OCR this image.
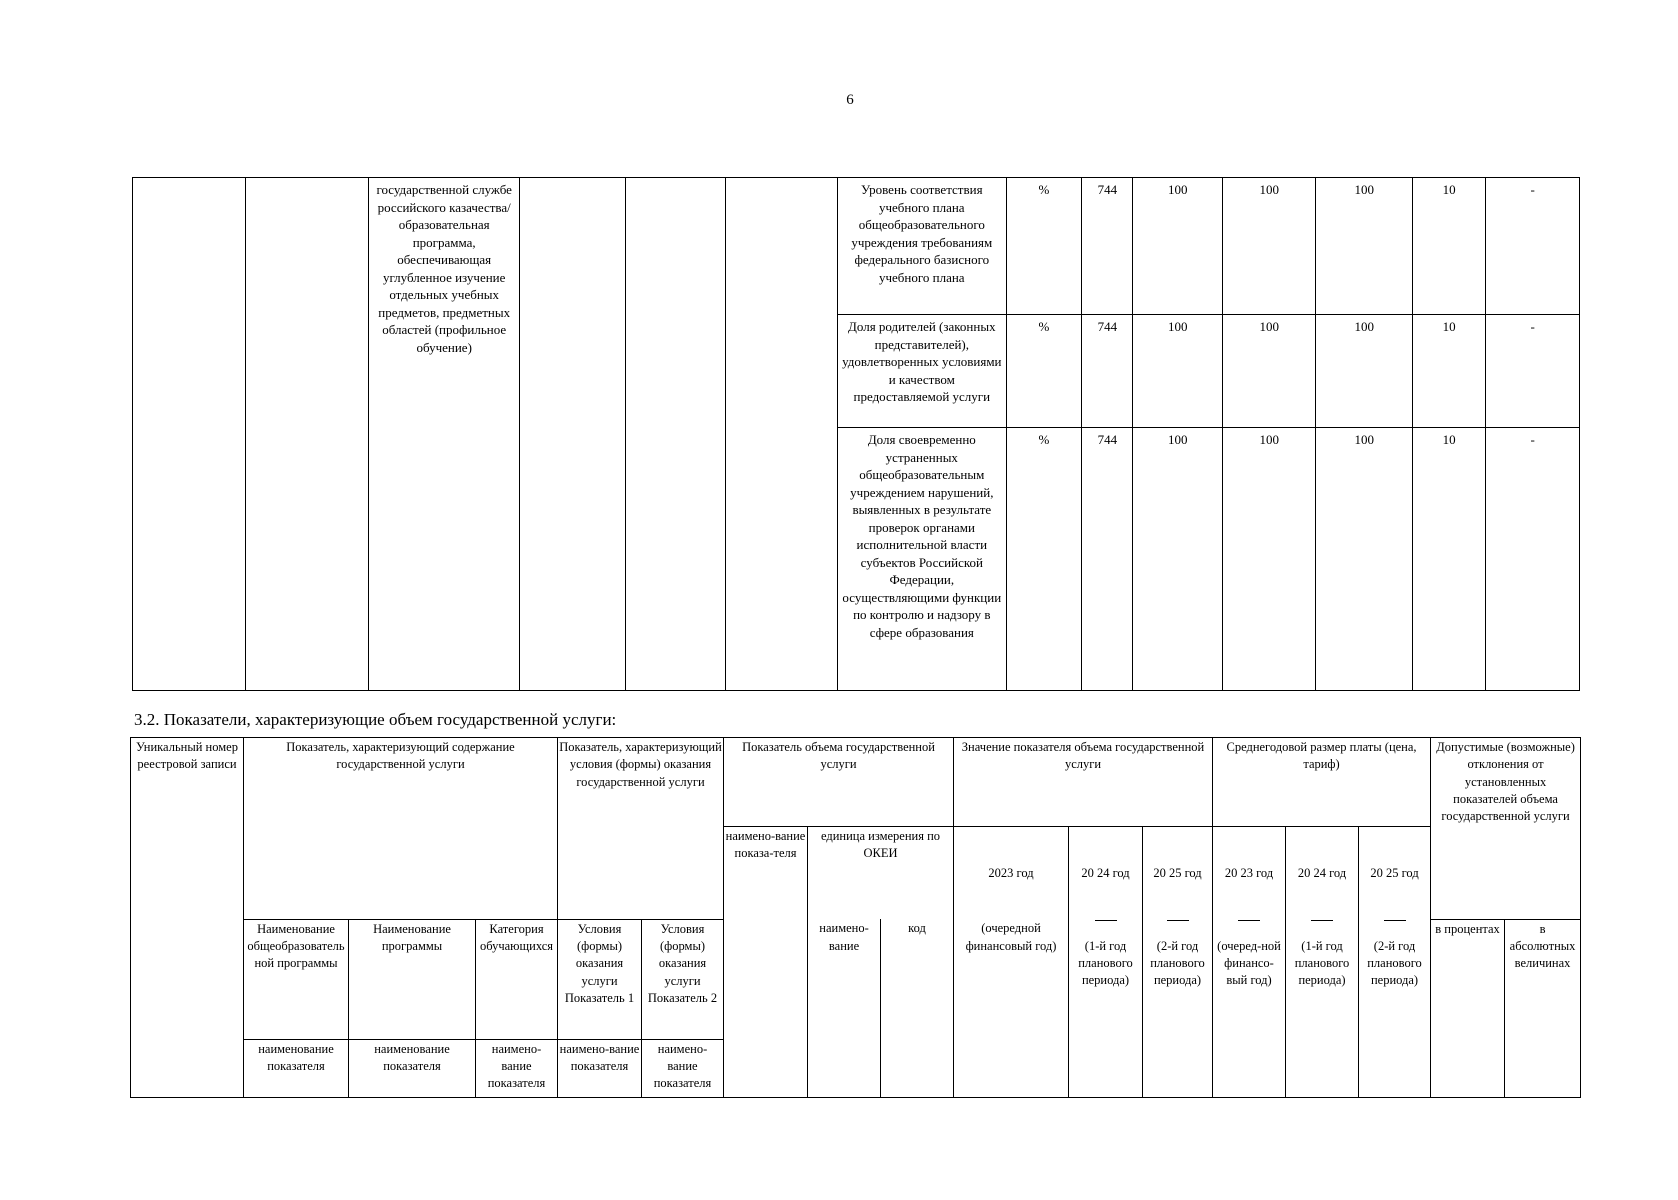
6
		государственной службе российского казачества/образовательная программа, обеспечивающая углубленное изучение отдельных учебных предметов, предметных областей (профильное обучение)				Уровень соответствия учебного плана общеобразовательного учреждения требованиям федерального базисного учебного плана	%	744	100	100	100	10	-
						Доля родителей (законных представителей), удовлетворенных условиями и качеством предоставляемой услуги	%	744	100	100	100	10	-
						Доля своевременно устраненных общеобразовательным учреждением нарушений, выявленных в результате проверок органами исполнительной власти субъектов Российской Федерации, осуществляющими функции по контролю и надзору в сфере образования	%	744	100	100	100	10	-

3.2. Показатели, характеризующие объем государственной услуги:

Уникальный номер реестровой записи	Показатель, характеризующий содержание государственной услуги			Показатель, характеризующий условия (формы) оказания государственной услуги		Показатель объема государственной услуги			Значение показателя объема государственной услуги			Среднегодовой размер платы (цена, тариф)			Допустимые (возможные) отклонения от установленных показателей объема государственной услуги	
						наимено-вание показа-теля	единица измерения по ОКЕИ		2023 год	20 24 год	20 25 год	20 23 год	20 24 год	20 25 год		
	Наименование общеобразовательной программы	Наименование программы	Категория обучающихся	Условия (формы) оказания услуги Показатель 1	Условия (формы) оказания услуги Показатель 2		наимено-вание	код	(очередной финансовый год)	(1-й год планового периода)	(2-й год планового периода)	(очеред-ной финансо-вый год)	(1-й год планового периода)	(2-й год планового периода)	в процентах	в абсолютных величинах
	наименование показателя	наименование показателя	наимено-вание показателя	наимено-вание показателя	наимено-вание показателя											
